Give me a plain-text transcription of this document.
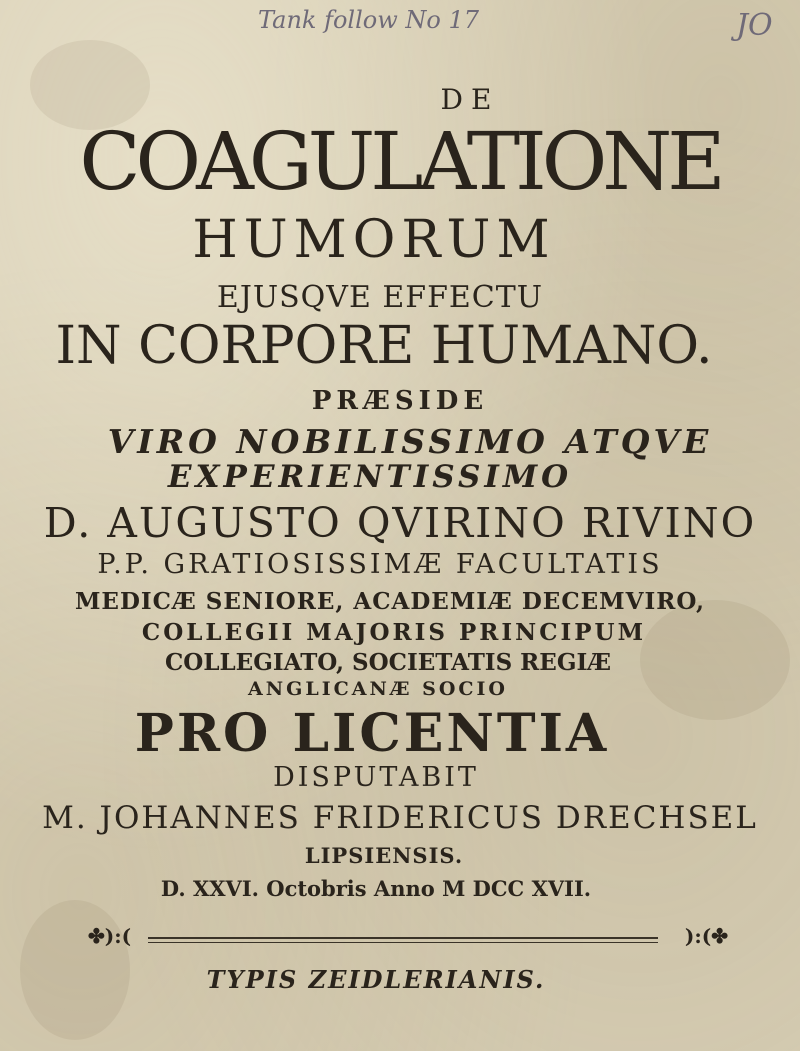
Tank follow No 17	JO
DE
COAGULATIONE
HUMORUM
EJUSQVE EFFECTU
IN CORPORE HUMANO.
PRÆSIDE
VIRO NOBILISSIMO ATQVE
EXPERIENTISSIMO
D. AUGUSTO QVIRINO RIVINO
P.P. GRATIOSISSIMÆ FACULTATIS
MEDICÆ SENIORE, ACADEMIÆ DECEMVIRO,
COLLEGII MAJORIS PRINCIPUM
COLLEGIATO, SOCIETATIS REGIÆ
ANGLICANÆ SOCIO
PRO LICENTIA
DISPUTABIT
M. JOHANNES FRIDERICUS DRECHSEL
LIPSIENSIS.
D. XXVI. Octobris Anno M DCC XVII.
✤):(	):(✤
TYPIS ZEIDLERIANIS.
